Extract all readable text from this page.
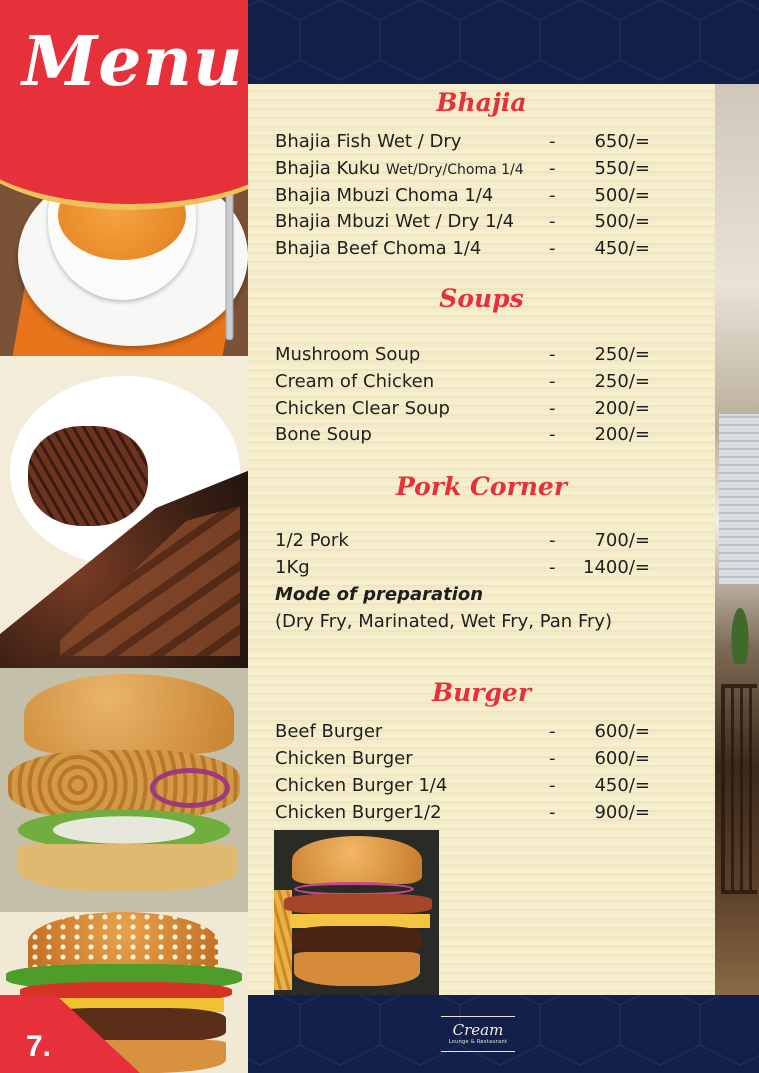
Menu
7.
Bhajia
Bhajia Fish Wet / Dry	- 650/=
Bhajia Kuku Wet/Dry/Choma 1/4 - 550/=
Bhajia Mbuzi Choma 1/4	- 500/=
Bhajia Mbuzi Wet / Dry 1/4 - 500/=
Bhajia Beef Choma 1/4	- 450/=
Soups
Mushroom Soup	- 250/=
Cream of Chicken	- 250/=
Chicken Clear Soup	- 200/=
Bone Soup	- 200/=
Pork Corner
1/2 Pork	- 700/=
1Kg	- 1400/=
Mode of preparation
(Dry Fry, Marinated, Wet Fry, Pan Fry)
Burger
Beef Burger	- 600/=
Chicken Burger	- 600/=
Chicken Burger 1/4	- 450/=
Chicken Burger1/2	- 900/=
Cream
Lounge & Restaurant
